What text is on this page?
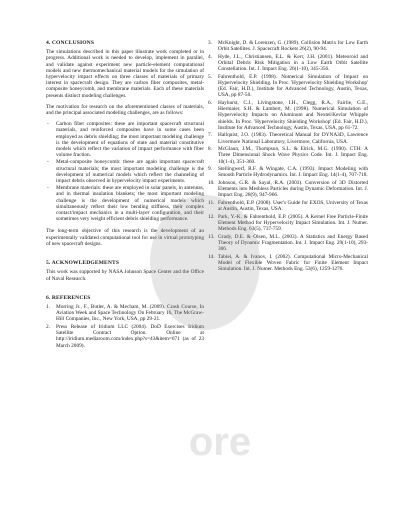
4. CONCLUSIONS

The simulations described in this paper illustrate work completed or in progress. Additional work is needed to develop, implement in parallel, and validate against experiment new particle-element computational models and new thermomechanical material models for the simulation of hypervelocity impact effects on three classes of materials of primary interest in spacecraft design. They are carbon fiber composites, metal-composite honeycomb, and membrane materials. Each of these materials presents distinct modeling challenges.

The motivation for research on the aforementioned classes of materials, and the principal associated modeling challenges, are as follows:

- Carbon fiber composites: these are important spacecraft structural materials, and reinforced composites have in some cases been employed as debris shielding; the most important modeling challenge is the development of equations of state and material constitutive models which reflect the variation of impact performance with fiber volume fraction.
- Metal-composite honeycomb: these are again important spacecraft structural materials; the most important modeling challenge is the development of numerical models which reflect the channeling of impact debris observed in hypervelocity impact experiments.
- Membrane materials: these are employed in solar panels, in antennas, and in thermal insulation blankets; the most important modeling challenge is the development of numerical models which simultaneously reflect their low bending stiffness, their complex contact/impact mechanics in a multi-layer configuration, and their sometimes very weight efficient debris shielding performance.

The long-term objective of this research is the development of an experimentally validated computational tool for use in virtual prototyping of new spacecraft designs.

5. ACKNOWLEDGEMENTS

This work was supported by NASA Johnson Space Center and the Office of Naval Research.

6. REFERENCES
1. Morring Jr., F., Butler, A. & Mecham, M. (2009). Crash Course, In Aviation Week and Space Technology On February 16, The McGraw-Hill Companies, Inc., New York, USA, pp 29-21.
2. Press Release of Iridium LLC (2004). DoD Exercises Iridium Satellite Contract Option. Online at http://iridium.mediaroom.com/index.php?s=43&item=671 (as of 23 March 2009).
3. McKnight, D. & Lorenzen, G. (1989). Collision Matrix for Low Earth Orbit Satellites. J. Spacecraft Rockets 26(2), 90-94.
4. Hyde, J.L., Christiansen, E.L. & Kerr, J.H. (2001). Meteoroid and Orbital Debris Risk Mitigation in a Low Earth Orbit Satellite Constellation. Int. J. Impact Eng. 26(1-10), 345-356.
5. Fahrenthold, E.P. (1998). Numerical Simulation of Impact on Hypervelocity Shielding. In Proc. 'Hypervelocity Shielding Workshop' (Ed. Fair, H.D.), Institute for Advanced Technology, Austin, Texas, USA, pp 87-50.
6. Hayhurst, C.J., Livingstone, I.H., Clegg, R.A., Fairlie, G.E., Hiermaier, S.H. & Lambert, M. (1998). Numerical Simulation of Hypervelocity Impacts on Aluminum and Nextel/Kevlar Whipple shields. In Proc. 'Hypervelocity Shielding Workshop' (Ed. Fair, H.D.), Institute for Advanced Technology, Austin, Texas, USA, pp 61-72.
7. Hallquist, J.O. (1983). Theoretical Manual for DYNA3D, Lawrence Livermore National Laboratory, Livermore, California, USA.
8. McGlaun, J.M., Thompson, S.L. & Elrick, M.G. (1990). CTH: A Three Dimensional Shock Wave Physics Code. Int. J. Impact Eng. 10(1-4), 351-360.
9. Stellingwerf, R.F. & Wingate, C.A. (1993). Impact Modeling with Smooth Particle Hydrodynamics. Int. J. Impact Eng. 14(1-4), 707-718.
10. Johnson, G.R. & Sayal, R.A. (2003). Conversion of 3D Distorted Elements into Meshless Particles during Dynamic Deformation. Int. J. Impact Eng. 28(9), 947-966.
11. Fahrenthold, E.P. (2008). User's Guide for EXOS, University of Texas at Austin, Austin, Texas, USA.
12. Park, Y.-K. & Fahrenthold, E.P. (2005). A Kernel Free Particle-Finite Element Method for Hypervelocity Impact Simulation. Int. J. Numer. Methods Eng. 63(5), 737-759.
13. Grady, D.E. & Olsen, M.L. (2003). A Statistics and Energy Based Theory of Dynamic Fragmentation. Int. J. Impact Eng. 29(1-10), 293-306.
14. Tabiei, A. & Ivanov, I. (2002). Computational Micro-Mechanical Model of Flexible Woven Fabric for Finite Element Impact Simulation. Int. J. Numer. Methods Eng. 53(6), 1259-1276.
ore
